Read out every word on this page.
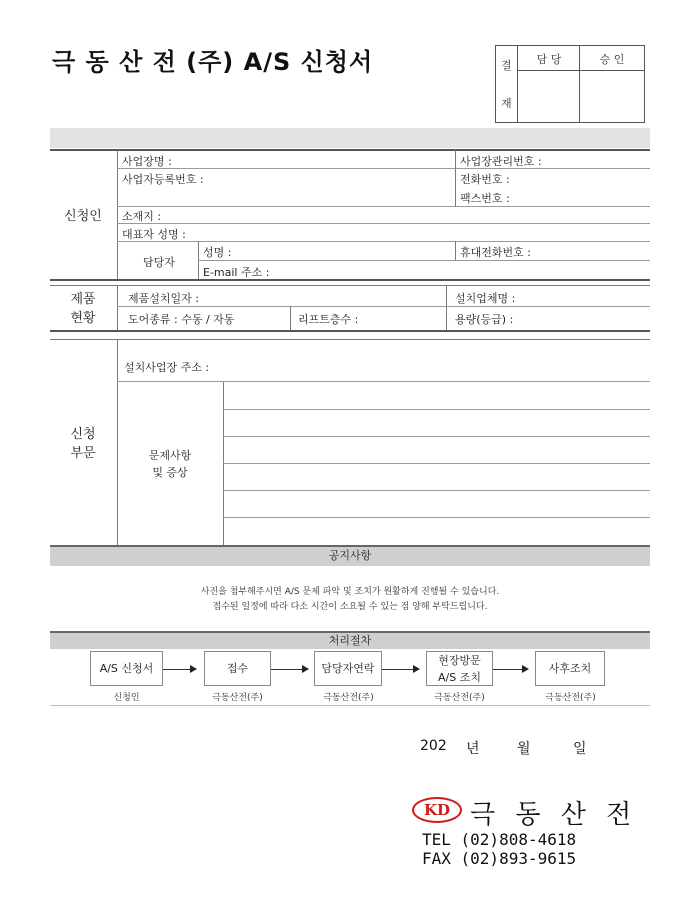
극 동 산 전 (주) A/S 신청서	결
재
담 당	승 인
신청인
사업장명 :	사업장관리번호 :
사업자등록번호 :	전화번호 :
팩스번호 :
소재지 :
대표자 성명 :
담당자
성명 :	휴대전화번호 :
E-mail 주소 :
제품
현황
제품설치일자 :	설치업체명 :
도어종류 : 수동 / 자동	리프트층수 :	용량(등급) :
신청
부문
설치사업장 주소 :
문제사항
및 증상
공지사항
사진을 첨부해주시면 A/S 문제 파악 및 조치가 원활하게 진행될 수 있습니다.
접수된 일정에 따라 다소 시간이 소요될 수 있는 점 양해 부탁드립니다.
처리절차
A/S 신청서	접수	담당자연락
현장방문
A/S 조치
사후조치
신청인	극동산전(주)	극동산전(주)	극동산전(주)	극동산전(주)
202 년	월	일
KD 극 동 산 전
TEL (02)808-4618
FAX (02)893-9615
